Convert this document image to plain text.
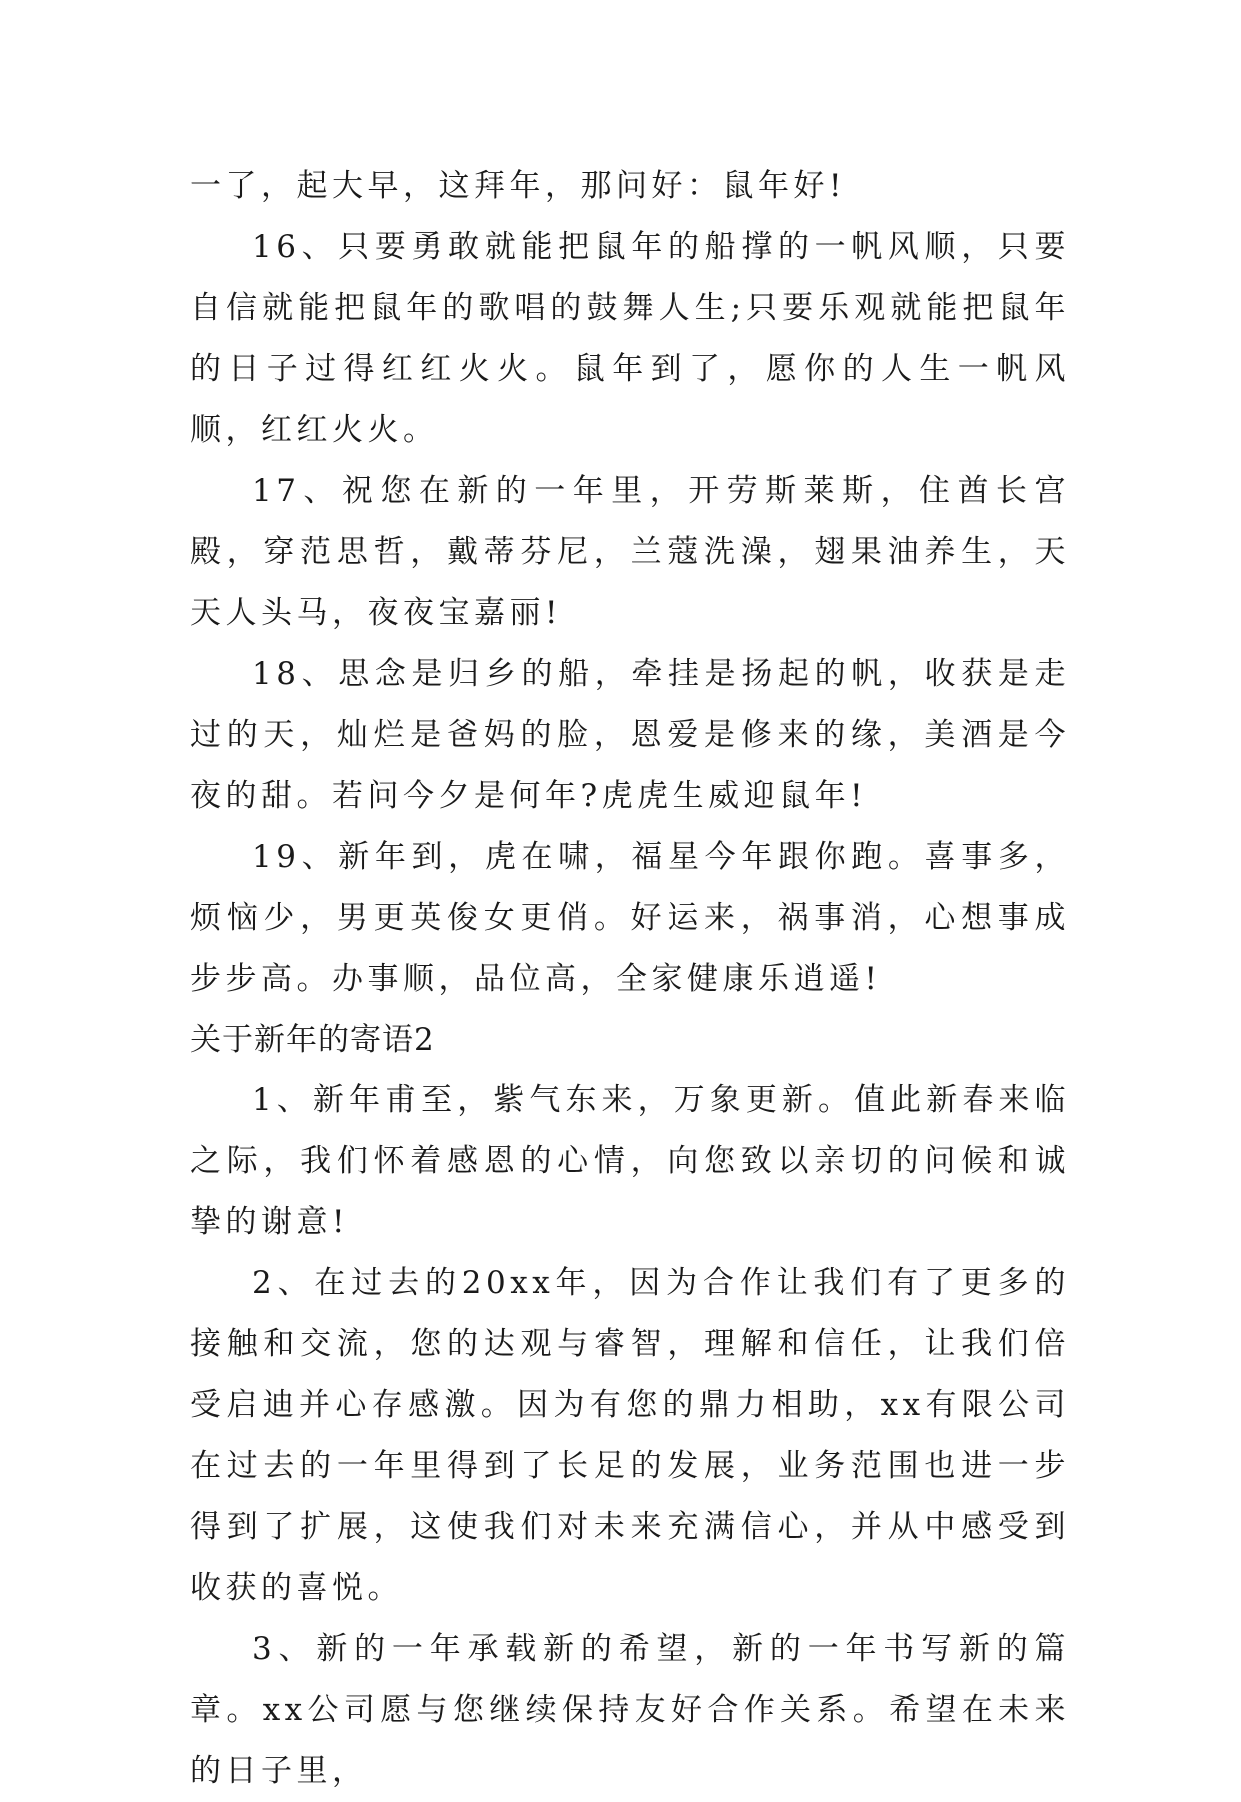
一了，起大早，这拜年，那问好：鼠年好!

16、只要勇敢就能把鼠年的船撑的一帆风顺，只要自信就能把鼠年的歌唱的鼓舞人生;只要乐观就能把鼠年的日子过得红红火火。鼠年到了，愿你的人生一帆风顺，红红火火。

17、祝您在新的一年里，开劳斯莱斯，住酋长宫殿，穿范思哲，戴蒂芬尼，兰蔻洗澡，翅果油养生，天天人头马，夜夜宝嘉丽!

18、思念是归乡的船，牵挂是扬起的帆，收获是走过的天，灿烂是爸妈的脸，恩爱是修来的缘，美酒是今夜的甜。若问今夕是何年?虎虎生威迎鼠年!

19、新年到，虎在啸，福星今年跟你跑。喜事多，烦恼少，男更英俊女更俏。好运来，祸事消，心想事成步步高。办事顺，品位高，全家健康乐逍遥!

关于新年的寄语2

1、新年甫至，紫气东来，万象更新。值此新春来临之际，我们怀着感恩的心情，向您致以亲切的问候和诚挚的谢意!

2、在过去的20xx年，因为合作让我们有了更多的接触和交流，您的达观与睿智，理解和信任，让我们倍受启迪并心存感激。因为有您的鼎力相助，xx有限公司在过去的一年里得到了长足的发展，业务范围也进一步得到了扩展，这使我们对未来充满信心，并从中感受到收获的喜悦。

3、新的一年承载新的希望，新的一年书写新的篇章。xx公司愿与您继续保持友好合作关系。希望在未来的日子里，
